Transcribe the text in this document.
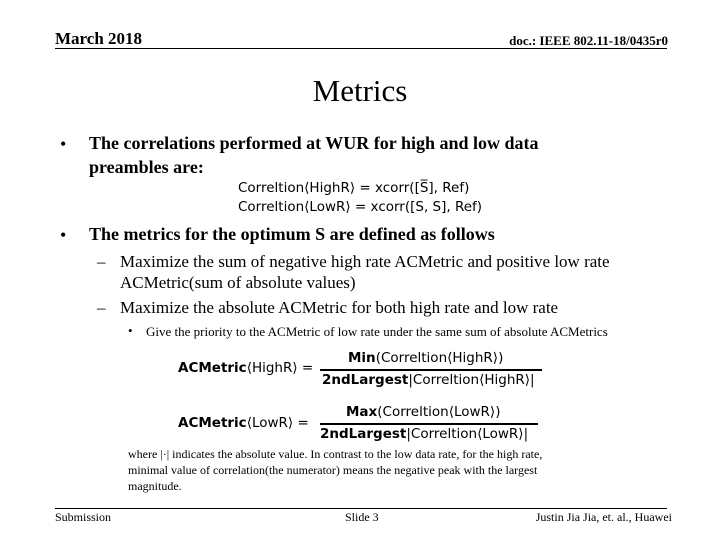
March 2018	doc.: IEEE 802.11-18/0435r0
Metrics
• The correlations performed at WUR for high and low data
preambles are:
Correltion⟨HighR⟩ = xcorr([S̅], Ref)
Correltion⟨LowR⟩ = xcorr([S, S], Ref)
• The metrics for the optimum S are defined as follows
– Maximize the sum of negative high rate ACMetric and positive low rate
ACMetric(sum of absolute values)
– Maximize the absolute ACMetric for both high rate and low rate
• Give the priority to the ACMetric of low rate under the same sum of absolute ACMetrics
ACMetric⟨HighR⟩ =
Min(Correltion⟨HighR⟩)
2ndLargest|Correltion⟨HighR⟩|
ACMetric⟨LowR⟩ =
Max(Correltion⟨LowR⟩)
2ndLargest|Correltion⟨LowR⟩|
where |·| indicates the absolute value. In contrast to the low data rate, for the high rate,
minimal value of correlation(the numerator) means the negative peak with the largest
magnitude.
Submission	Slide 3	Justin Jia Jia, et. al., Huawei
